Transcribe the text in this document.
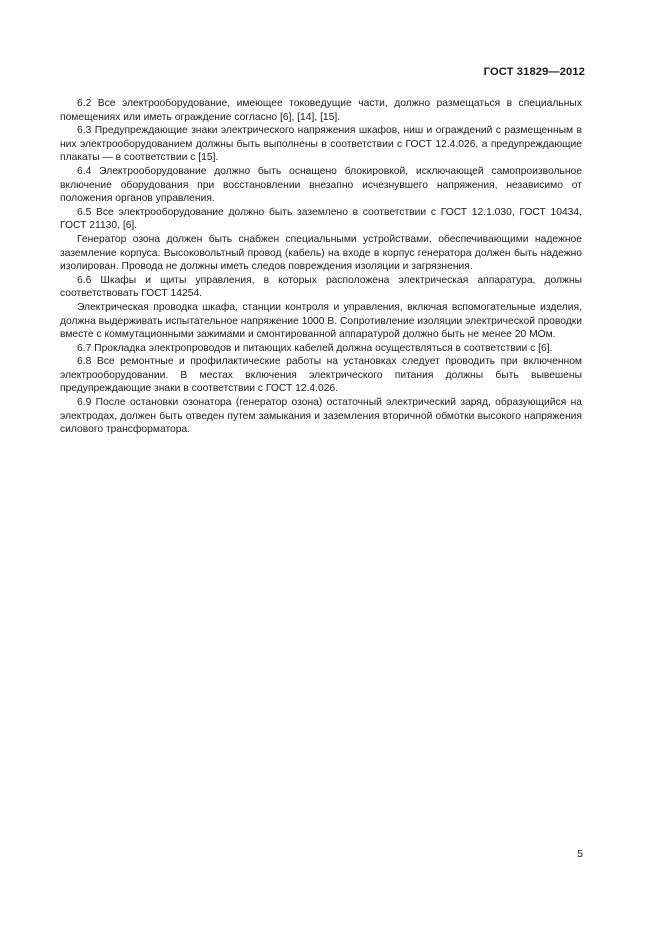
ГОСТ 31829—2012

6.2 Все электрооборудование, имеющее токоведущие части, должно размещаться в специальных помещениях или иметь ограждение согласно [6], [14], [15].

6.3 Предупреждающие знаки электрического напряжения шкафов, ниш и ограждений с размещенным в них электрооборудованием должны быть выполнены в соответствии с ГОСТ 12.4.026, а предупреждающие плакаты — в соответствии с [15].

6.4 Электрооборудование должно быть оснащено блокировкой, исключающей самопроизвольное включение оборудования при восстановлении внезапно исчезнувшего напряжения, независимо от положения органов управления.

6.5 Все электрооборудование должно быть заземлено в соответствии с ГОСТ 12.1.030, ГОСТ 10434, ГОСТ 21130, [6].

Генератор озона должен быть снабжен специальными устройствами, обеспечивающими надежное заземление корпуса. Высоковольтный провод (кабель) на входе в корпус генератора должен быть надежно изолирован. Провода не должны иметь следов повреждения изоляции и загрязнения.

6.6 Шкафы и щиты управления, в которых расположена электрическая аппаратура, должны соответствовать ГОСТ 14254.

Электрическая проводка шкафа, станции контроля и управления, включая вспомогательные изделия, должна выдерживать испытательное напряжение 1000 В. Сопротивление изоляции электрической проводки вместе с коммутационными зажимами и смонтированной аппаратурой должно быть не менее 20 МОм.

6.7 Прокладка электропроводов и питающих кабелей должна осуществляться в соответствии с [6].

6.8 Все ремонтные и профилактические работы на установках следует проводить при включенном электрооборудовании. В местах включения электрического питания должны быть вывешены предупреждающие знаки в соответствии с ГОСТ 12.4.026.

6.9 После остановки озонатора (генератор озона) остаточный электрический заряд, образующийся на электродах, должен быть отведен путем замыкания и заземления вторичной обмотки высокого напряжения силового трансформатора.

5
